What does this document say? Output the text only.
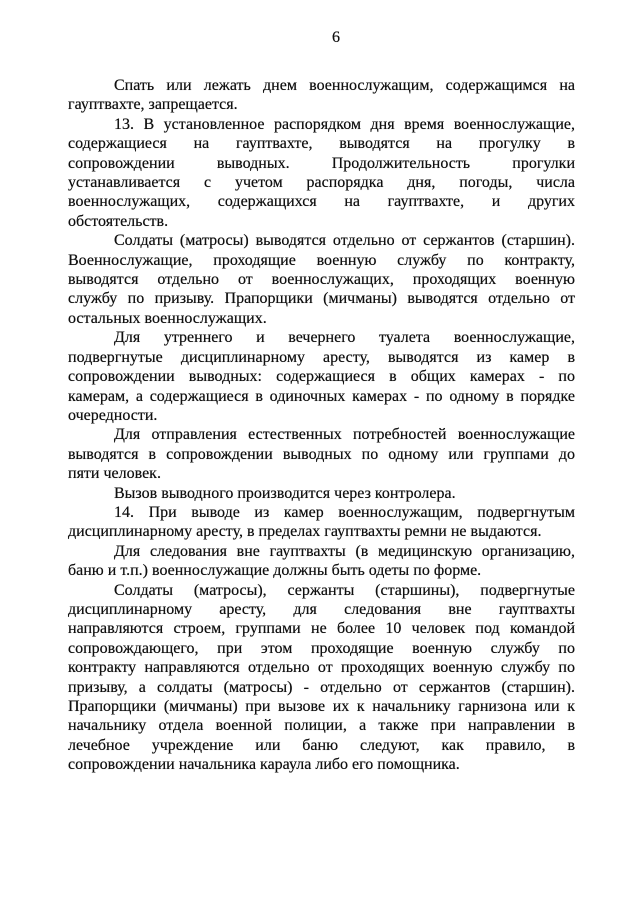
6
Спать или лежать днем военнослужащим, содержащимся на
гауптвахте, запрещается.
13. В установленное распорядком дня время военнослужащие,
содержащиеся на гауптвахте, выводятся на прогулку в
сопровождении выводных. Продолжительность прогулки
устанавливается с учетом распорядка дня, погоды, числа
военнослужащих, содержащихся на гауптвахте, и других
обстоятельств.
Солдаты (матросы) выводятся отдельно от сержантов (старшин).
Военнослужащие, проходящие военную службу по контракту,
выводятся отдельно от военнослужащих, проходящих военную
службу по призыву. Прапорщики (мичманы) выводятся отдельно от
остальных военнослужащих.
Для утреннего и вечернего туалета военнослужащие,
подвергнутые дисциплинарному аресту, выводятся из камер в
сопровождении выводных: содержащиеся в общих камерах - по
камерам, а содержащиеся в одиночных камерах - по одному в порядке
очередности.
Для отправления естественных потребностей военнослужащие
выводятся в сопровождении выводных по одному или группами до
пяти человек.
Вызов выводного производится через контролера.
14. При выводе из камер военнослужащим, подвергнутым
дисциплинарному аресту, в пределах гауптвахты ремни не выдаются.
Для следования вне гауптвахты (в медицинскую организацию,
баню и т.п.) военнослужащие должны быть одеты по форме.
Солдаты (матросы), сержанты (старшины), подвергнутые
дисциплинарному аресту, для следования вне гауптвахты
направляются строем, группами не более 10 человек под командой
сопровождающего, при этом проходящие военную службу по
контракту направляются отдельно от проходящих военную службу по
призыву, а солдаты (матросы) - отдельно от сержантов (старшин).
Прапорщики (мичманы) при вызове их к начальнику гарнизона или к
начальнику отдела военной полиции, а также при направлении в
лечебное учреждение или баню следуют, как правило, в
сопровождении начальника караула либо его помощника.
